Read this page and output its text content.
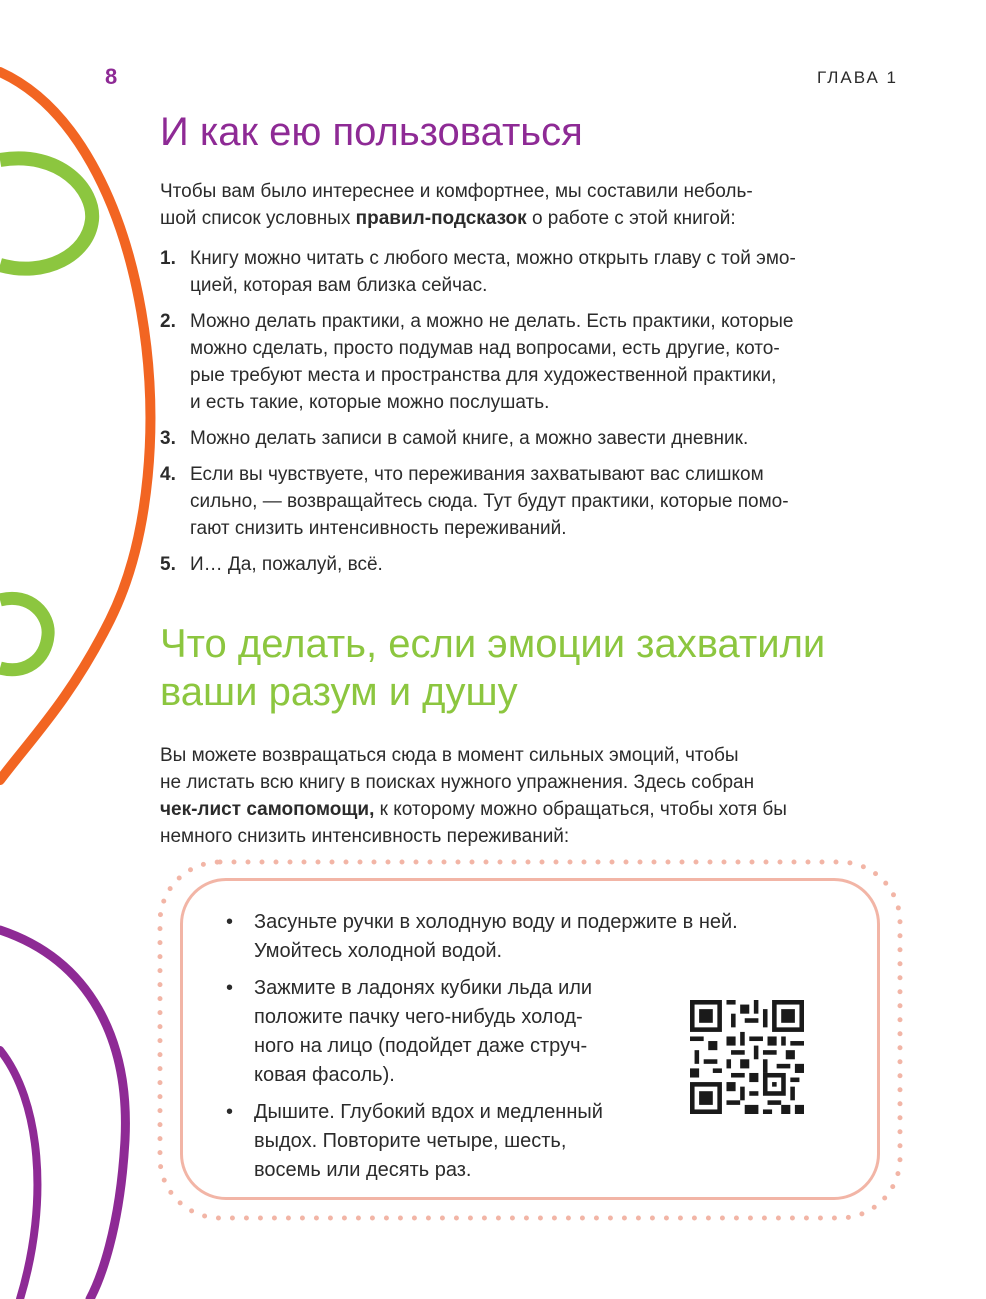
8	ГЛАВА 1
И как ею пользоваться

Чтобы вам было интереснее и комфортнее, мы составили неболь-
шой список условных правил-подсказок о работе с этой книгой:

1. Книгу можно читать с любого места, можно открыть главу с той эмо-
цией, которая вам близка сейчас.
2. Можно делать практики, а можно не делать. Есть практики, которые
можно сделать, просто подумав над вопросами, есть другие, кото-
рые требуют места и пространства для художественной практики,
и есть такие, которые можно послушать.
3. Можно делать записи в самой книге, а можно завести дневник.
4. Если вы чувствуете, что переживания захватывают вас слишком
сильно, — возвращайтесь сюда. Тут будут практики, которые помо-
гают снизить интенсивность переживаний.
5. И… Да, пожалуй, всё.
Что делать, если эмоции захватили
ваши разум и душу

Вы можете возвращаться сюда в момент сильных эмоций, чтобы
не листать всю книгу в поисках нужного упражнения. Здесь собран
чек-лист самопомощи, к которому можно обращаться, чтобы хотя бы
немного снизить интенсивность переживаний:

• Засуньте ручки в холодную воду и подержите в ней.
Умойтесь холодной водой.
• Зажмите в ладонях кубики льда или
положите пачку чего-нибудь холод-
ного на лицо (подойдет даже струч-
ковая фасоль).
• Дышите. Глубокий вдох и медленный
выдох. Повторите четыре, шесть,
восемь или десять раз.
